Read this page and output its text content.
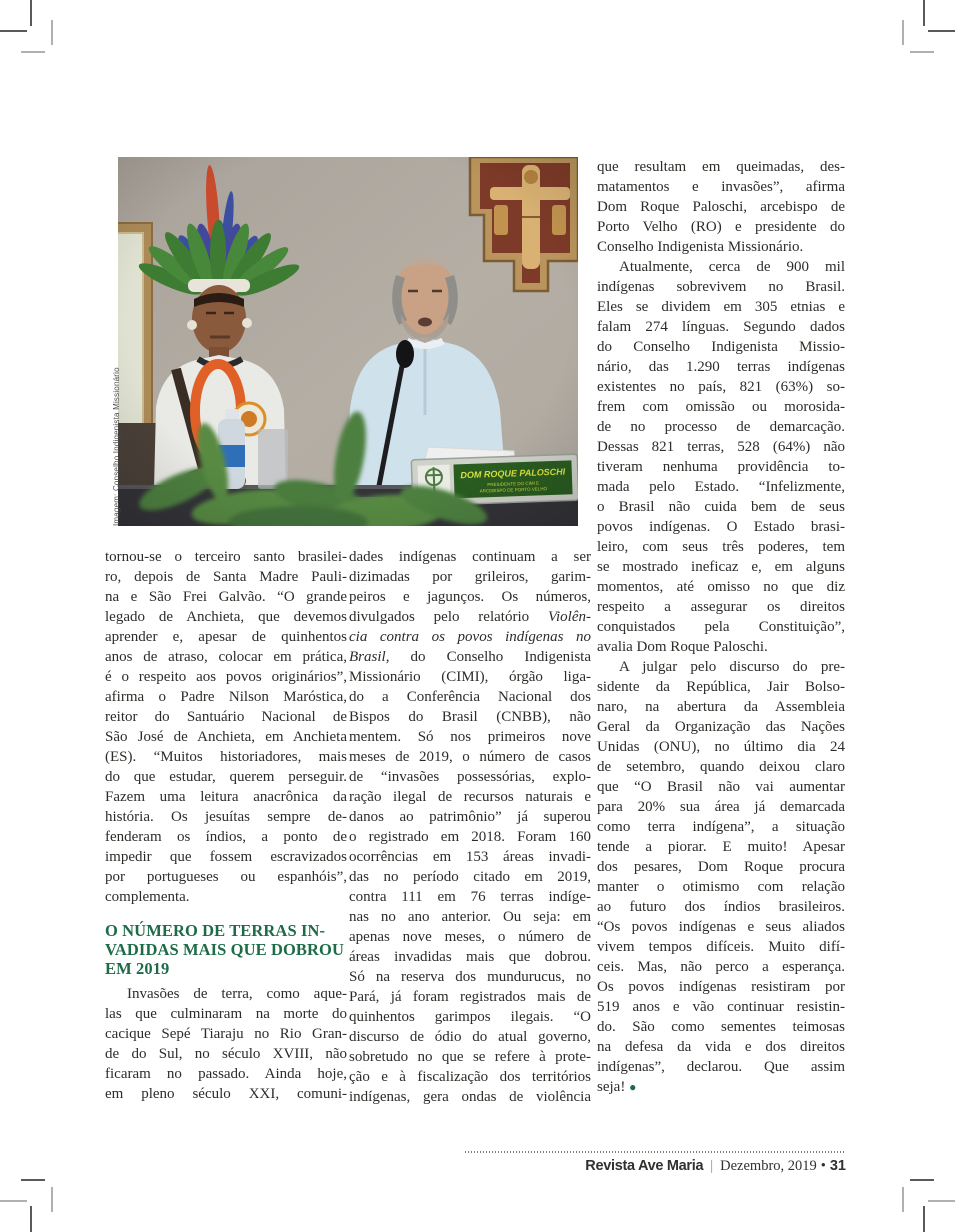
Imagem: Conselho Indigenista Missionário
tornou-se o terceiro santo brasilei-
ro, depois de Santa Madre Pauli-
na e São Frei Galvão. “O grande
legado de Anchieta, que devemos
aprender e, apesar de quinhentos
anos de atraso, colocar em prática,
é o respeito aos povos originários”,
afirma o Padre Nilson Maróstica,
reitor do Santuário Nacional de
São José de Anchieta, em Anchieta
(ES). “Muitos historiadores, mais
do que estudar, querem perseguir.
Fazem uma leitura anacrônica da
história. Os jesuítas sempre de-
fenderam os índios, a ponto de
impedir que fossem escravizados
por portugueses ou espanhóis”,
complementa.
O NÚMERO DE TERRAS IN-
VADIDAS MAIS QUE DOBROU
EM 2019
Invasões de terra, como aque-
las que culminaram na morte do
cacique Sepé Tiaraju no Rio Gran-
de do Sul, no século XVIII, não
ficaram no passado. Ainda hoje,
em pleno século XXI, comuni-
dades indígenas continuam a ser
dizimadas por grileiros, garim-
peiros e jagunços. Os números,
divulgados pelo relatório Violên-
cia contra os povos indígenas no
Brasil, do Conselho Indigenista
Missionário (CIMI), órgão liga-
do a Conferência Nacional dos
Bispos do Brasil (CNBB), não
mentem. Só nos primeiros nove
meses de 2019, o número de casos
de “invasões possessórias, explo-
ração ilegal de recursos naturais e
danos ao patrimônio” já superou
o registrado em 2018. Foram 160
ocorrências em 153 áreas invadi-
das no período citado em 2019,
contra 111 em 76 terras indíge-
nas no ano anterior. Ou seja: em
apenas nove meses, o número de
áreas invadidas mais que dobrou.
Só na reserva dos mundurucus, no
Pará, já foram registrados mais de
quinhentos garimpos ilegais. “O
discurso de ódio do atual governo,
sobretudo no que se refere à prote-
ção e à fiscalização dos territórios
indígenas, gera ondas de violência
que resultam em queimadas, des-
matamentos e invasões”, afirma
Dom Roque Paloschi, arcebispo de
Porto Velho (RO) e presidente do
Conselho Indigenista Missionário.
Atualmente, cerca de 900 mil
indígenas sobrevivem no Brasil.
Eles se dividem em 305 etnias e
falam 274 línguas. Segundo dados
do Conselho Indigenista Missio-
nário, das 1.290 terras indígenas
existentes no país, 821 (63%) so-
frem com omissão ou morosida-
de no processo de demarcação.
Dessas 821 terras, 528 (64%) não
tiveram nenhuma providência to-
mada pelo Estado. “Infelizmente,
o Brasil não cuida bem de seus
povos indígenas. O Estado brasi-
leiro, com seus três poderes, tem
se mostrado ineficaz e, em alguns
momentos, até omisso no que diz
respeito a assegurar os direitos
conquistados pela Constituição”,
avalia Dom Roque Paloschi.
A julgar pelo discurso do pre-
sidente da República, Jair Bolso-
naro, na abertura da Assembleia
Geral da Organização das Nações
Unidas (ONU), no último dia 24
de setembro, quando deixou claro
que “O Brasil não vai aumentar
para 20% sua área já demarcada
como terra indígena”, a situação
tende a piorar. E muito! Apesar
dos pesares, Dom Roque procura
manter o otimismo com relação
ao futuro dos índios brasileiros.
“Os povos indígenas e seus aliados
vivem tempos difíceis. Muito difí-
ceis. Mas, não perco a esperança.
Os povos indígenas resistiram por
519 anos e vão continuar resistin-
do. São como sementes teimosas
na defesa da vida e dos direitos
indígenas”, declarou. Que assim
seja! ●
Revista Ave Maria | Dezembro, 2019 • 31
